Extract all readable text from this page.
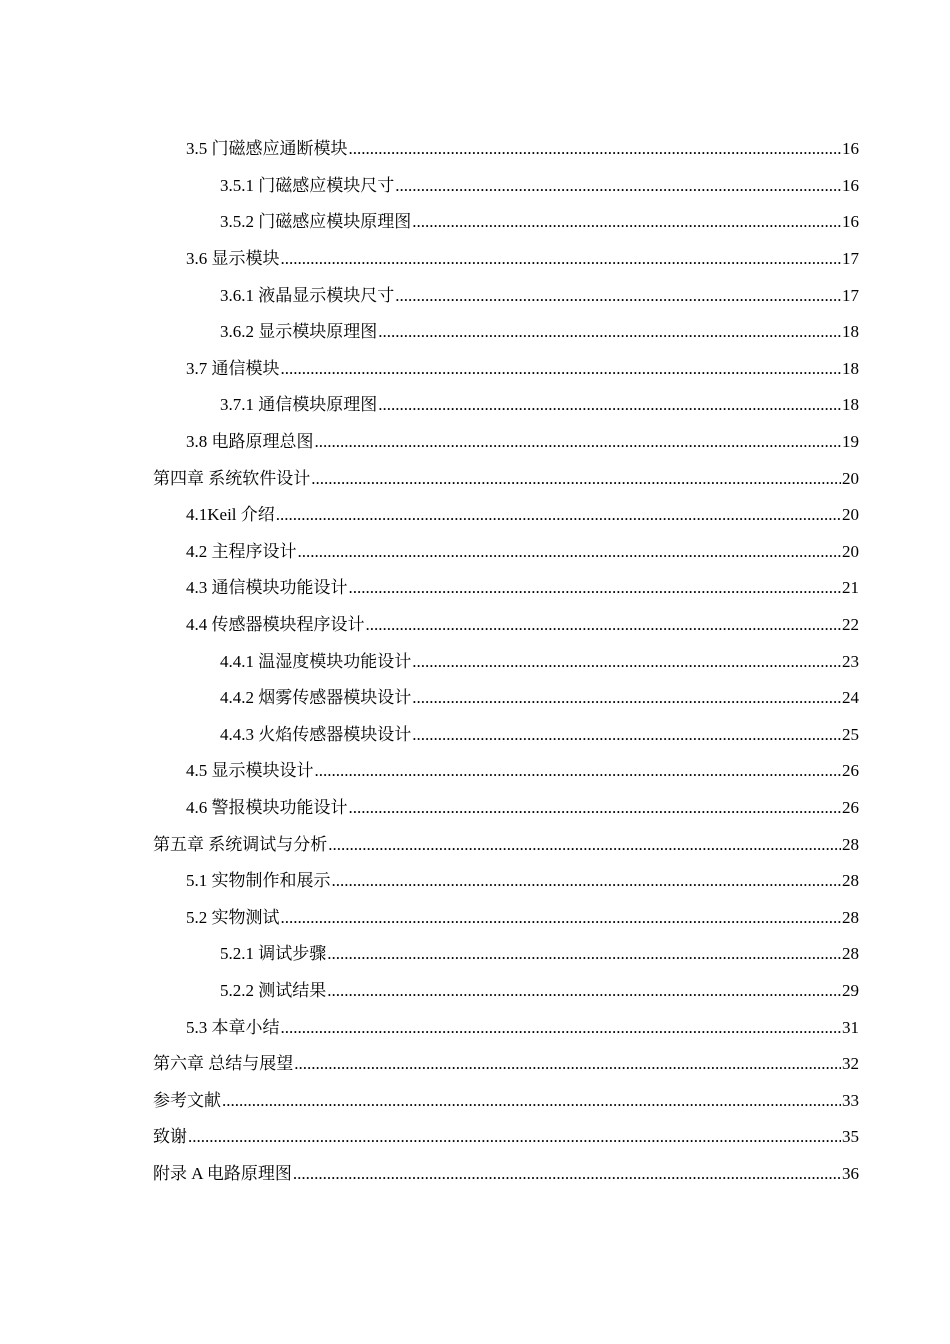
3.5 门磁感应通断模块 .....	16
3.5.1 门磁感应模块尺寸 .....	16
3.5.2 门磁感应模块原理图 .....	16
3.6 显示模块 .....	17
3.6.1 液晶显示模块尺寸 .....	17
3.6.2 显示模块原理图 .....	18
3.7 通信模块 .....	18
3.7.1 通信模块原理图 .....	18
3.8 电路原理总图 .....	19
第四章 系统软件设计 .....	20
4.1Keil 介绍 .....	20
4.2 主程序设计 .....	20
4.3 通信模块功能设计 .....	21
4.4 传感器模块程序设计 .....	22
4.4.1 温湿度模块功能设计 .....	23
4.4.2 烟雾传感器模块设计 .....	24
4.4.3 火焰传感器模块设计 .....	25
4.5 显示模块设计 .....	26
4.6 警报模块功能设计 .....	26
第五章 系统调试与分析 .....	28
5.1 实物制作和展示 .....	28
5.2 实物测试 .....	28
5.2.1 调试步骤 .....	28
5.2.2 测试结果 .....	29
5.3 本章小结 .....	31
第六章 总结与展望 .....	32
参考文献 .....	33
致谢 .....	35
附录 A 电路原理图 .....	36
